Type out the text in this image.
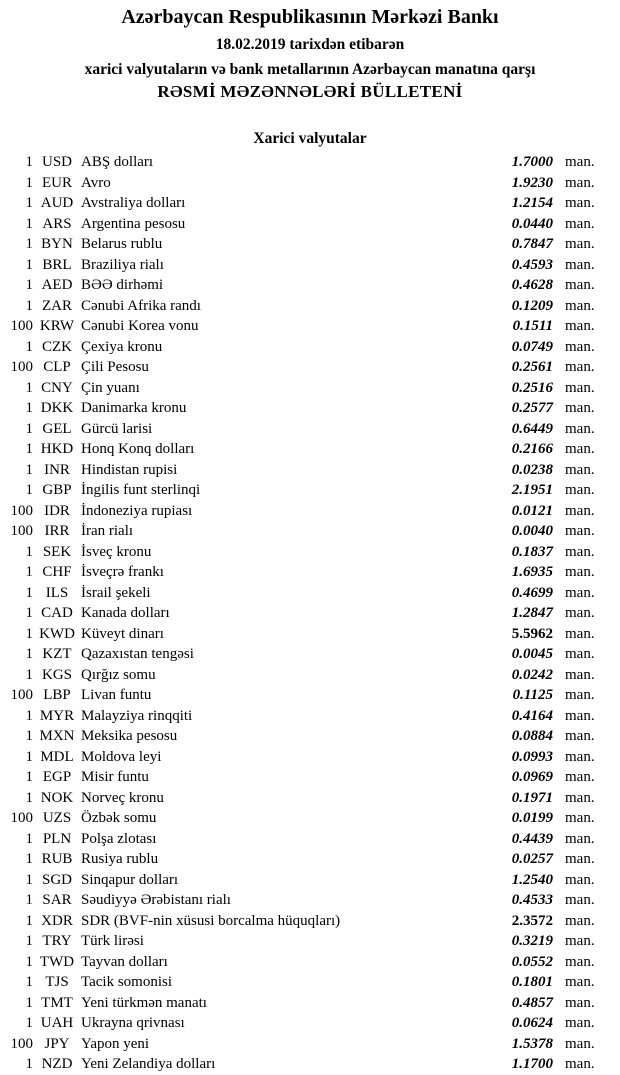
Azərbaycan Respublikasının Mərkəzi Bankı
18.02.2019 tarixdən etibarən
xarici valyutaların və bank metallarının Azərbaycan manatına qarşı
RƏSMİ MƏZƏNNƏLƏRİ BÜLLETENİ
Xarici valyutalar
1 USD ABŞ dolları	1.7000 man.
1 EUR Avro	1.9230 man.
1 AUD Avstraliya dolları	1.2154 man.
1 ARS Argentina pesosu	0.0440 man.
1 BYN Belarus rublu	0.7847 man.
1 BRL Braziliya rialı	0.4593 man.
1 AED BƏƏ dirhəmi	0.4628 man.
1 ZAR Cənubi Afrika randı	0.1209 man.
100 KRW Cənubi Korea vonu	0.1511 man.
1 CZK Çexiya kronu	0.0749 man.
100 CLP Çili Pesosu	0.2561 man.
1 CNY Çin yuanı	0.2516 man.
1 DKK Danimarka kronu	0.2577 man.
1 GEL Gürcü larisi	0.6449 man.
1 HKD Honq Konq dolları	0.2166 man.
1 INR Hindistan rupisi	0.0238 man.
1 GBP İngilis funt sterlinqi	2.1951 man.
100 IDR İndoneziya rupiası	0.0121 man.
100 IRR İran rialı	0.0040 man.
1 SEK İsveç kronu	0.1837 man.
1 CHF İsveçrə frankı	1.6935 man.
1 ILS İsrail şekeli	0.4699 man.
1 CAD Kanada dolları	1.2847 man.
1 KWD Küveyt dinarı	5.5962 man.
1 KZT Qazaxıstan tengəsi	0.0045 man.
1 KGS Qırğız somu	0.0242 man.
100 LBP Livan funtu	0.1125 man.
1 MYR Malayziya rinqqiti	0.4164 man.
1 MXN Meksika pesosu	0.0884 man.
1 MDL Moldova leyi	0.0993 man.
1 EGP Misir funtu	0.0969 man.
1 NOK Norveç kronu	0.1971 man.
100 UZS Özbək somu	0.0199 man.
1 PLN Polşa zlotası	0.4439 man.
1 RUB Rusiya rublu	0.0257 man.
1 SGD Sinqapur dolları	1.2540 man.
1 SAR Səudiyyə Ərəbistanı rialı	0.4533 man.
1 XDR SDR (BVF-nin xüsusi borcalma hüquqları)	2.3572 man.
1 TRY Türk lirəsi	0.3219 man.
1 TWD Tayvan dolları	0.0552 man.
1 TJS Tacik somonisi	0.1801 man.
1 TMT Yeni türkmən manatı	0.4857 man.
1 UAH Ukrayna qrivnası	0.0624 man.
100 JPY Yapon yeni	1.5378 man.
1 NZD Yeni Zelandiya dolları	1.1700 man.
